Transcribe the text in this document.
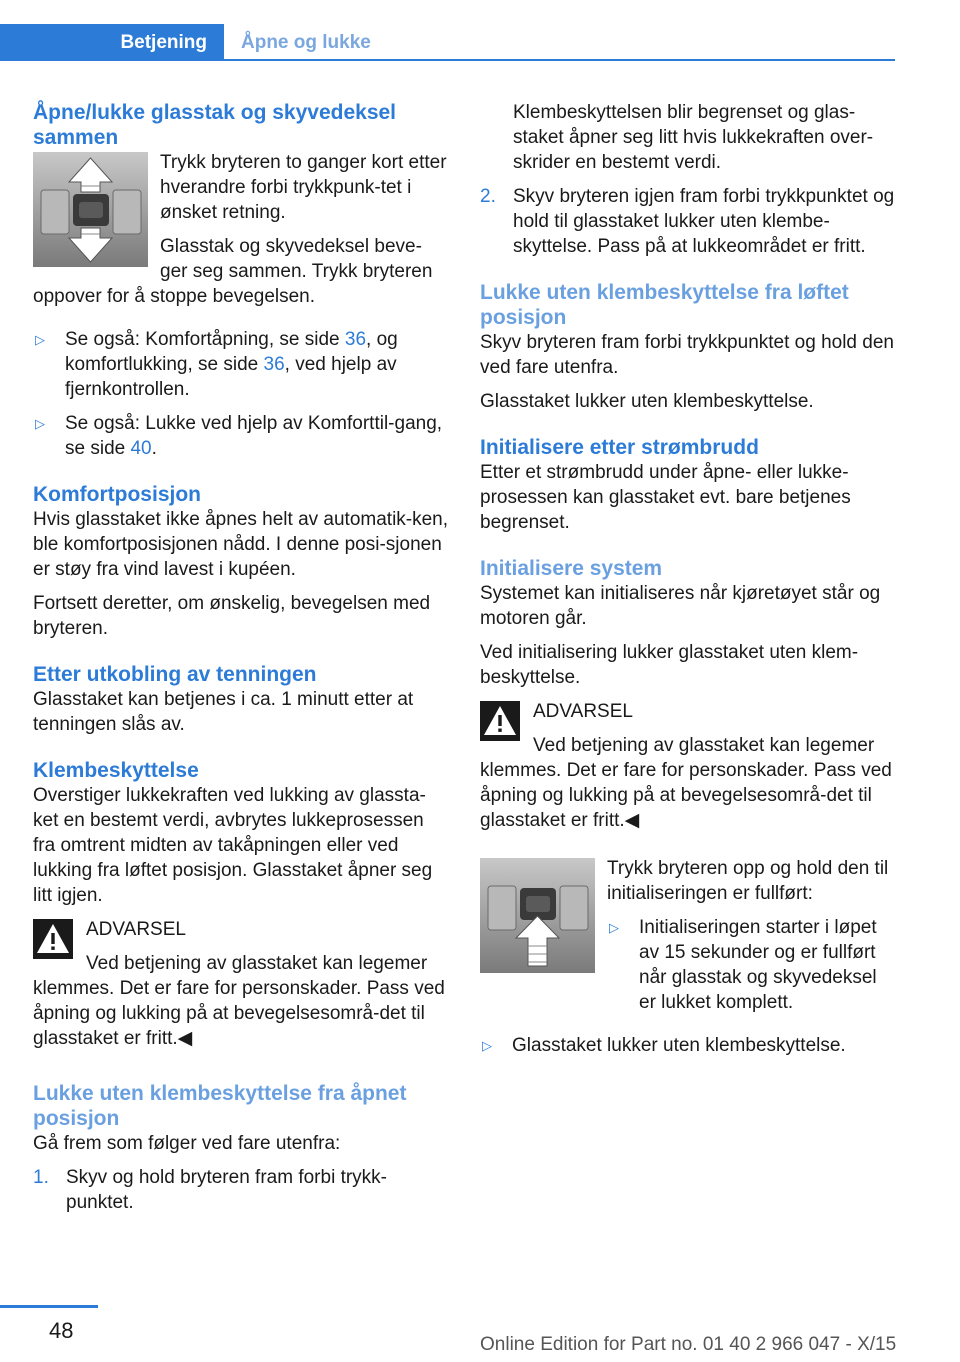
Betjening Åpne og lukke
Åpne/lukke glasstak og skyvedeksel sammen

Trykk bryteren to ganger kort etter hverandre forbi trykkpunk-tet i ønsket retning.

Glasstak og skyvedeksel beve-ger seg sammen. Trykk bryteren oppover for å stoppe bevegelsen.

▷	Se også: Komfortåpning, se side 36, og komfortlukking, se side 36, ved hjelp av fjernkontrollen.
▷	Se også: Lukke ved hjelp av Komforttil-gang, se side 40.
Komfortposisjon

Hvis glasstaket ikke åpnes helt av automatik-ken, ble komfortposisjonen nådd. I denne posi-sjonen er støy fra vind lavest i kupéen.

Fortsett deretter, om ønskelig, bevegelsen med bryteren.

Etter utkobling av tenningen

Glasstaket kan betjenes i ca. 1 minutt etter at tenningen slås av.

Klembeskyttelse

Overstiger lukkekraften ved lukking av glassta-ket en bestemt verdi, avbrytes lukkeprosessen fra omtrent midten av takåpningen eller ved lukking fra løftet posisjon. Glasstaket åpner seg litt igjen.

ADVARSEL

Ved betjening av glasstaket kan legemer klemmes. Det er fare for personskader. Pass ved åpning og lukking på at bevegelsesområ-det til glasstaket er fritt.◀

Lukke uten klembeskyttelse fra åpnet posisjon

Gå frem som følger ved fare utenfra:

1. Skyv og hold bryteren fram forbi trykk-punktet.
Klembeskyttelsen blir begrenset og glas-staket åpner seg litt hvis lukkekraften over-skrider en bestemt verdi.
2. Skyv bryteren igjen fram forbi trykkpunktet og hold til glasstaket lukker uten klembe-skyttelse. Pass på at lukkeområdet er fritt.
Lukke uten klembeskyttelse fra løftet posisjon

Skyv bryteren fram forbi trykkpunktet og hold den ved fare utenfra.

Glasstaket lukker uten klembeskyttelse.

Initialisere etter strømbrudd

Etter et strømbrudd under åpne- eller lukke-prosessen kan glasstaket evt. bare betjenes begrenset.

Initialisere system

Systemet kan initialiseres når kjøretøyet står og motoren går.

Ved initialisering lukker glasstaket uten klem-beskyttelse.

ADVARSEL

Ved betjening av glasstaket kan legemer klemmes. Det er fare for personskader. Pass ved åpning og lukking på at bevegelsesområ-det til glasstaket er fritt.◀

Trykk bryteren opp og hold den til initialiseringen er fullført:

▷	Initialiseringen starter i løpet av 15 sekunder og er fullført når glasstak og skyvedeksel er lukket komplett.
▷	Glasstaket lukker uten klembeskyttelse.
48
Online Edition for Part no. 01 40 2 966 047 - X/15
